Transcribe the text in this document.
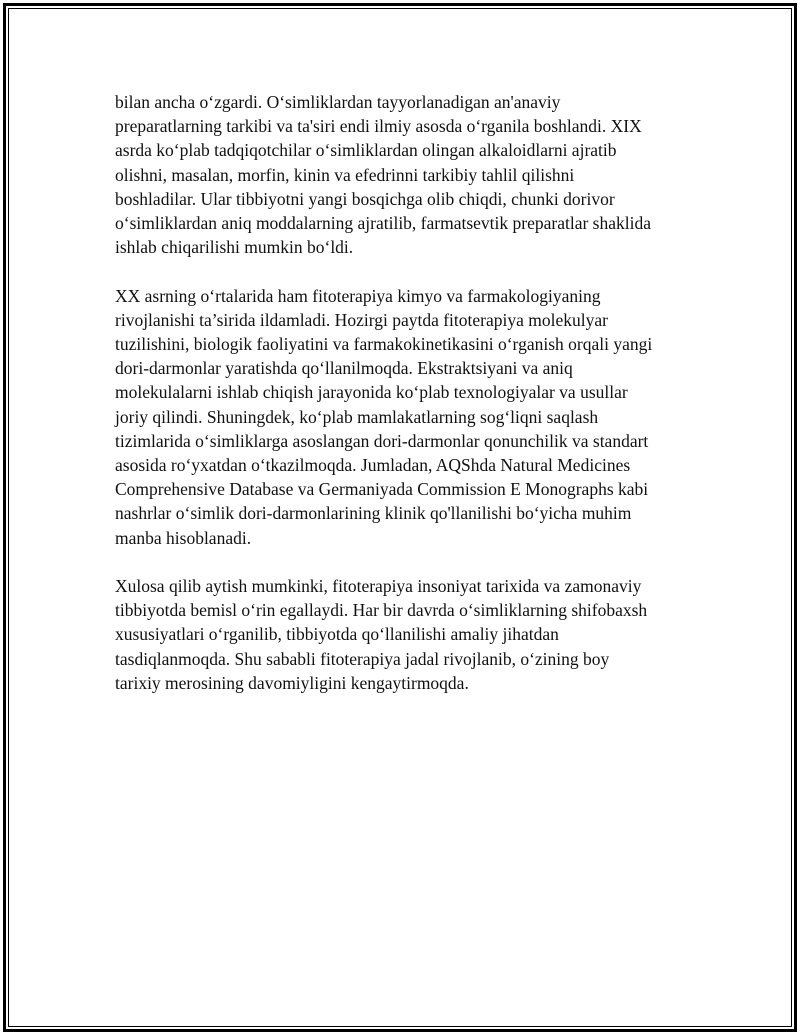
bilan ancha o‘zgardi. O‘simliklardan tayyorlanadigan an'anaviy
preparatlarning tarkibi va ta'siri endi ilmiy asosda o‘rganila boshlandi. XIX
asrda ko‘plab tadqiqotchilar o‘simliklardan olingan alkaloidlarni ajratib
olishni, masalan, morfin, kinin va efedrinni tarkibiy tahlil qilishni
boshladilar. Ular tibbiyotni yangi bosqichga olib chiqdi, chunki dorivor
o‘simliklardan aniq moddalarning ajratilib, farmatsevtik preparatlar shaklida
ishlab chiqarilishi mumkin bo‘ldi.

XX asrning o‘rtalarida ham fitoterapiya kimyo va farmakologiyaning
rivojlanishi ta’sirida ildamladi. Hozirgi paytda fitoterapiya molekulyar
tuzilishini, biologik faoliyatini va farmakokinetikasini o‘rganish orqali yangi
dori-darmonlar yaratishda qo‘llanilmoqda. Ekstraktsiyani va aniq
molekulalarni ishlab chiqish jarayonida ko‘plab texnologiyalar va usullar
joriy qilindi. Shuningdek, ko‘plab mamlakatlarning sog‘liqni saqlash
tizimlarida o‘simliklarga asoslangan dori-darmonlar qonunchilik va standart
asosida ro‘yxatdan o‘tkazilmoqda. Jumladan, AQShda Natural Medicines
Comprehensive Database va Germaniyada Commission E Monographs kabi
nashrlar o‘simlik dori-darmonlarining klinik qo'llanilishi bo‘yicha muhim
manba hisoblanadi.

Xulosa qilib aytish mumkinki, fitoterapiya insoniyat tarixida va zamonaviy
tibbiyotda bemisl o‘rin egallaydi. Har bir davrda o‘simliklarning shifobaxsh
xususiyatlari o‘rganilib, tibbiyotda qo‘llanilishi amaliy jihatdan
tasdiqlanmoqda. Shu sababli fitoterapiya jadal rivojlanib, o‘zining boy
tarixiy merosining davomiyligini kengaytirmoqda.
